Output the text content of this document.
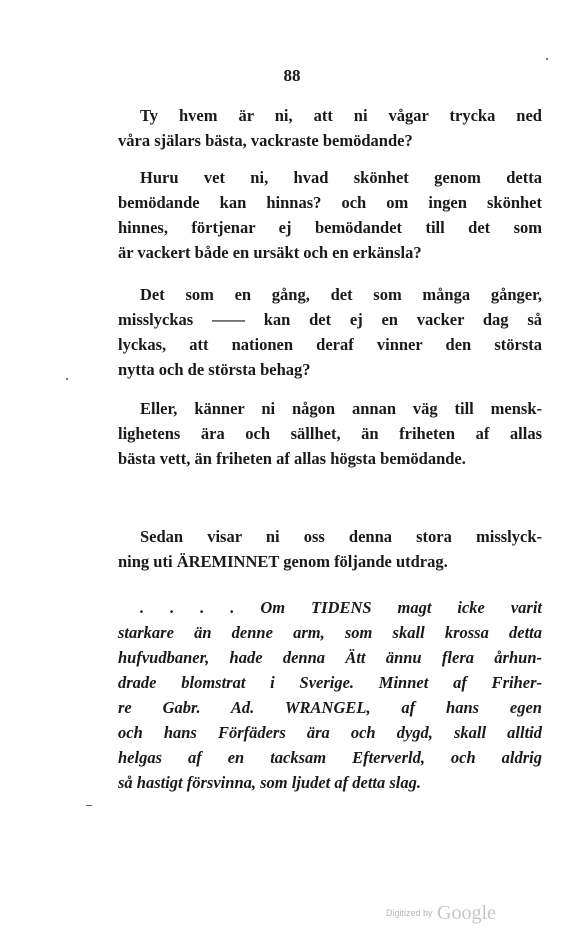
88
Ty hvem är ni, att ni vågar trycka ned
våra själars bästa, vackraste bemödande?
Huru vet ni, hvad skönhet genom detta
bemödande kan hinnas? och om ingen skönhet
hinnes, förtjenar ej bemödandet till det som
är vackert både en ursäkt och en erkänsla?
Det som en gång, det som många gånger,
misslyckas —— kan det ej en vacker dag så
lyckas, att nationen deraf vinner den största
nytta och de största behag?
Eller, känner ni någon annan väg till mensk-
lighetens ära och sällhet, än friheten af allas
bästa vett, än friheten af allas högsta bemödande.
Sedan visar ni oss denna stora misslyck-
ning uti ÄREMINNET genom följande utdrag.
. . . . Om TIDENS magt icke varit
starkare än denne arm, som skall krossa detta
hufvudbaner, hade denna Ätt ännu flera århun-
drade blomstrat i Sverige. Minnet af Friher-
re Gabr. Ad. WRANGEL, af hans egen
och hans Förfäders ära och dygd, skall alltid
helgas af en tacksam Efterverld, och aldrig
så hastigt försvinna, som ljudet af detta slag.
Digitized by Google
